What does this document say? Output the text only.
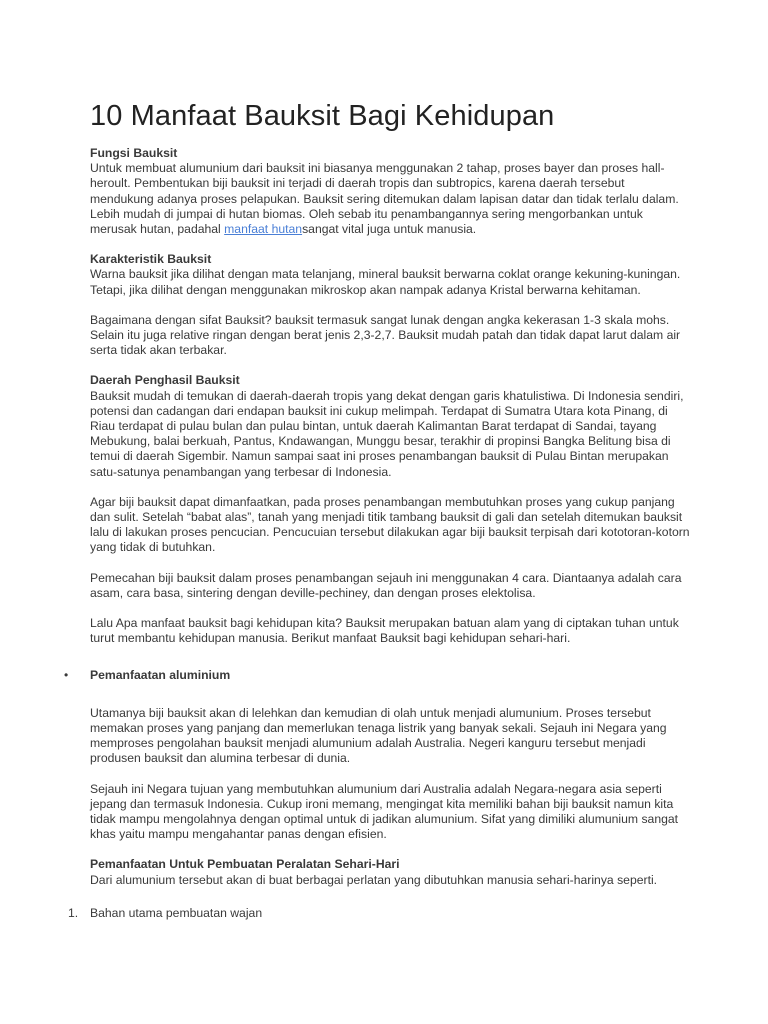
10 Manfaat Bauksit Bagi Kehidupan

Fungsi Bauksit
Untuk membuat alumunium dari bauksit ini biasanya menggunakan 2 tahap, proses bayer dan proses hall-heroult. Pembentukan biji bauksit ini terjadi di daerah tropis dan subtropics, karena daerah tersebut mendukung adanya proses pelapukan. Bauksit sering ditemukan dalam lapisan datar dan tidak terlalu dalam. Lebih mudah di jumpai di hutan biomas. Oleh sebab itu penambangannya sering mengorbankan untuk merusak hutan, padahal manfaat hutansangat vital juga untuk manusia.

Karakteristik Bauksit
Warna bauksit jika dilihat dengan mata telanjang, mineral bauksit berwarna coklat orange kekuning-kuningan. Tetapi, jika dilihat dengan menggunakan mikroskop akan nampak adanya Kristal berwarna kehitaman.

Bagaimana dengan sifat Bauksit? bauksit termasuk sangat lunak dengan angka kekerasan 1-3 skala mohs. Selain itu juga relative ringan dengan berat jenis 2,3-2,7. Bauksit mudah patah dan tidak dapat larut dalam air serta tidak akan terbakar.

Daerah Penghasil Bauksit
Bauksit mudah di temukan di daerah-daerah tropis yang dekat dengan garis khatulistiwa. Di Indonesia sendiri, potensi dan cadangan dari endapan bauksit ini cukup melimpah. Terdapat di Sumatra Utara kota Pinang, di Riau terdapat di pulau bulan dan pulau bintan, untuk daerah Kalimantan Barat terdapat di Sandai, tayang Mebukung, balai berkuah, Pantus, Kndawangan, Munggu besar, terakhir di propinsi Bangka Belitung bisa di temui di daerah Sigembir. Namun sampai saat ini proses penambangan bauksit di Pulau Bintan merupakan satu-satunya penambangan yang terbesar di Indonesia.

Agar biji bauksit dapat dimanfaatkan, pada proses penambangan membutuhkan proses yang cukup panjang dan sulit. Setelah “babat alas”, tanah yang menjadi titik tambang bauksit di gali dan setelah ditemukan bauksit lalu di lakukan proses pencucian. Pencucuian tersebut dilakukan agar biji bauksit terpisah dari kototoran-kotorn yang tidak di butuhkan.

Pemecahan biji bauksit dalam proses penambangan sejauh ini menggunakan 4 cara. Diantaanya adalah cara asam, cara basa, sintering dengan deville-pechiney, dan dengan proses elektolisa.

Lalu Apa manfaat bauksit bagi kehidupan kita? Bauksit merupakan batuan alam yang di ciptakan tuhan untuk turut membantu kehidupan manusia. Berikut manfaat Bauksit bagi kehidupan sehari-hari.

• Pemanfaatan aluminium

Utamanya biji bauksit akan di lelehkan dan kemudian di olah untuk menjadi alumunium. Proses tersebut memakan proses yang panjang dan memerlukan tenaga listrik yang banyak sekali. Sejauh ini Negara yang memproses pengolahan bauksit menjadi alumunium adalah Australia. Negeri kanguru tersebut menjadi produsen bauksit dan alumina terbesar di dunia.

Sejauh ini Negara tujuan yang membutuhkan alumunium dari Australia adalah Negara-negara asia seperti jepang dan termasuk Indonesia. Cukup ironi memang, mengingat kita memiliki bahan biji bauksit namun kita tidak mampu mengolahnya dengan optimal untuk di jadikan alumunium. Sifat yang dimiliki alumunium sangat khas yaitu mampu mengahantar panas dengan efisien.

Pemanfaatan Untuk Pembuatan Peralatan Sehari-Hari
Dari alumunium tersebut akan di buat berbagai perlatan yang dibutuhkan manusia sehari-harinya seperti.

1. Bahan utama pembuatan wajan
